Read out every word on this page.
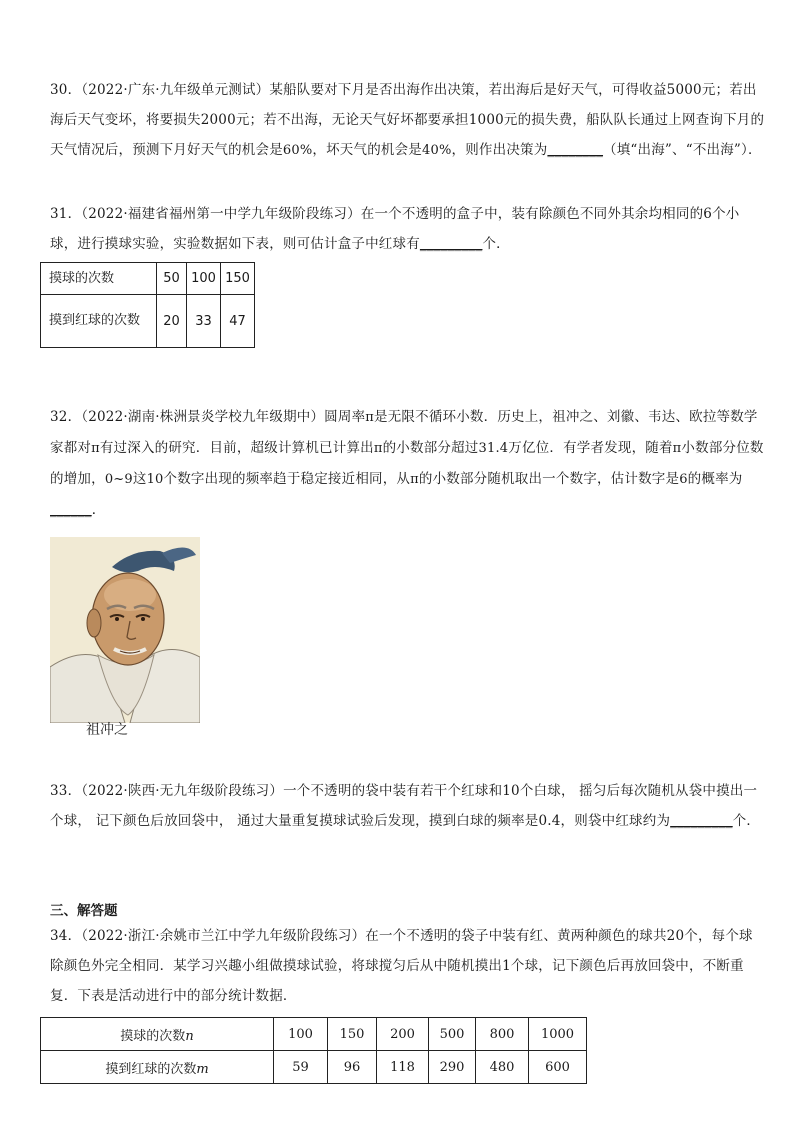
30．（2022·广东·九年级单元测试）某船队要对下月是否出海作出决策，若出海后是好天气，可得收益5000元；若出海后天气变坏，将要损失2000元；若不出海，无论天气好坏都要承担1000元的损失费，船队队长通过上网查询下月的天气情况后，预测下月好天气的机会是60%，坏天气的机会是40%，则作出决策为________（填“出海”、“不出海”）．
31．（2022·福建省福州第一中学九年级阶段练习）在一个不透明的盒子中，装有除颜色不同外其余均相同的6个小球，进行摸球实验，实验数据如下表，则可估计盒子中红球有_________个．
摸球的次数	50	100	150
摸到红球的次数	20	33	47
32．（2022·湖南·株洲景炎学校九年级期中）圆周率π是无限不循环小数．历史上，祖冲之、刘徽、韦达、欧拉等数学家都对π有过深入的研究．目前，超级计算机已计算出π的小数部分超过31.4万亿位．有学者发现，随着π小数部分位数的增加，0~9这10个数字出现的频率趋于稳定接近相同，从π的小数部分随机取出一个数字，估计数字是6的概率为______．
祖冲之
33．（2022·陕西·无九年级阶段练习）一个不透明的袋中装有若干个红球和10个白球， 摇匀后每次随机从袋中摸出一个球， 记下颜色后放回袋中， 通过大量重复摸球试验后发现，摸到白球的频率是0.4，则袋中红球约为_________个．
三、解答题
34．（2022·浙江·余姚市兰江中学九年级阶段练习）在一个不透明的袋子中装有红、黄两种颜色的球共20个，每个球除颜色外完全相同．某学习兴趣小组做摸球试验，将球搅匀后从中随机摸出1个球，记下颜色后再放回袋中，不断重复．下表是活动进行中的部分统计数据．
摸球的次数n	100	150	200	500	800	1000
摸到红球的次数m	59	96	118	290	480	600
